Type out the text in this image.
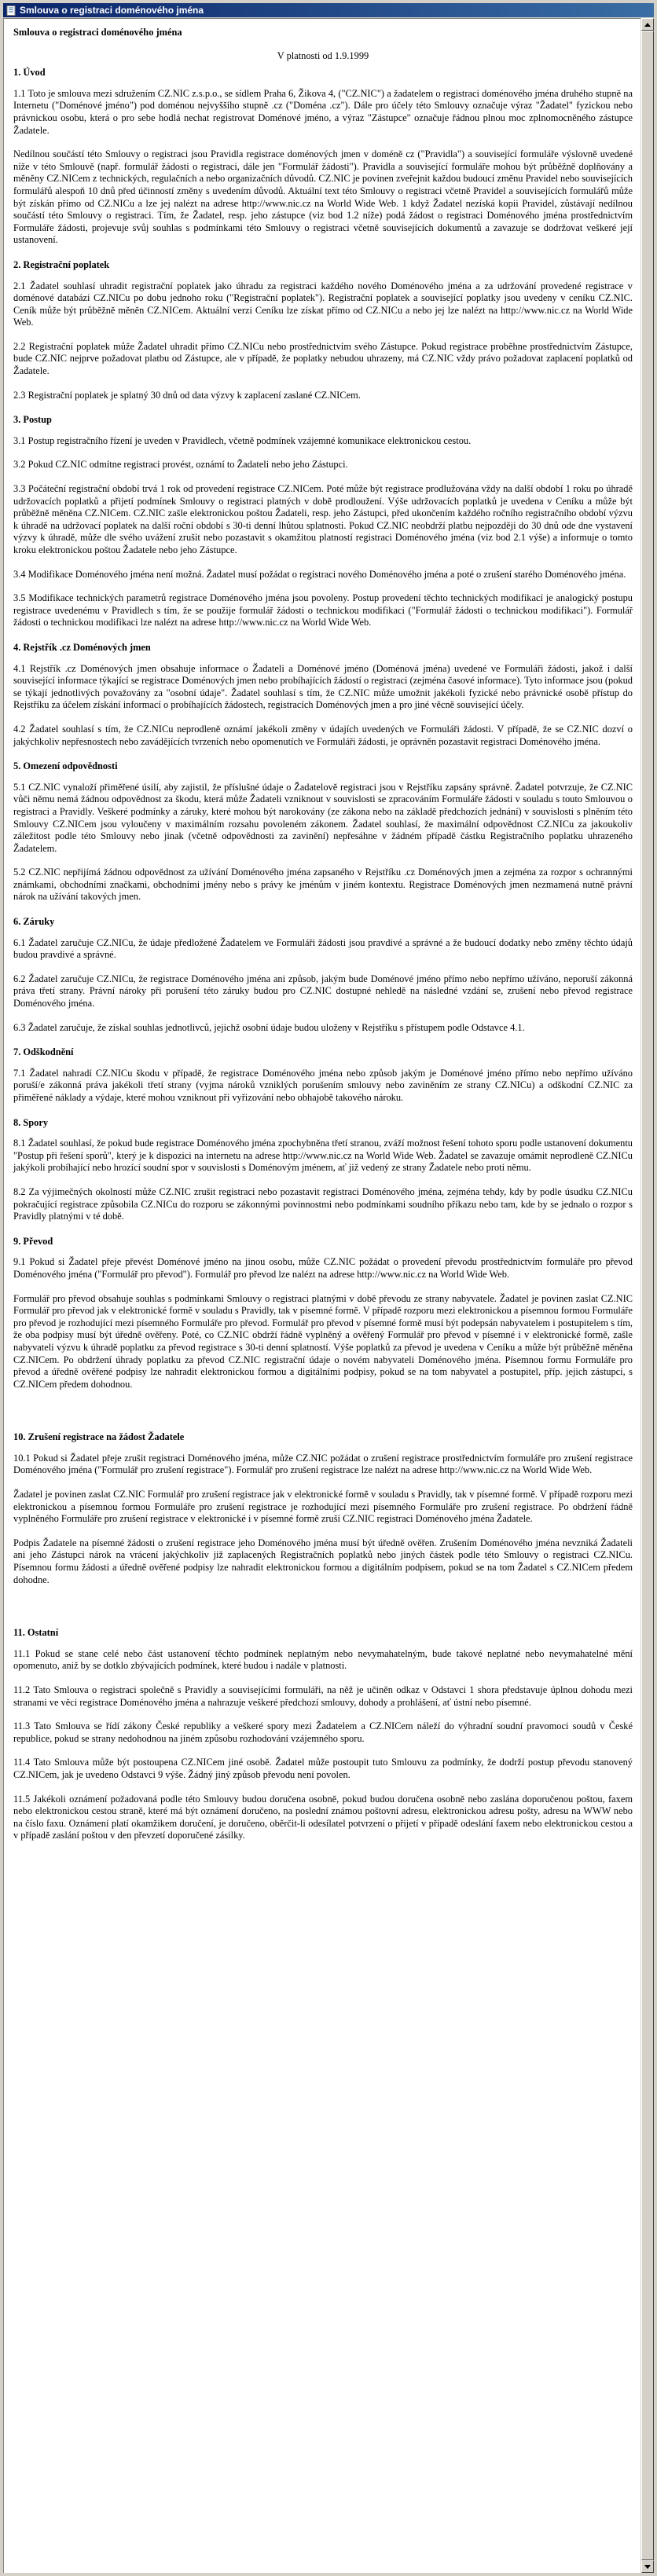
Smlouva o registraci doménového jména
Smlouva o registraci doménového jména
V platnosti od 1.9.1999
1. Úvod
1.1 Toto je smlouva mezi sdružením CZ.NIC z.s.p.o., se sídlem Praha 6, Žikova 4, ("CZ.NIC") a žadatelem o registraci doménového jména druhého stupně na Internetu ("Doménové jméno") pod doménou nejvyššího stupně .cz ("Doména .cz"). Dále pro účely této Smlouvy označuje výraz "Žadatel" fyzickou nebo právnickou osobu, která o pro sebe hodlá nechat registrovat Doménové jméno, a výraz "Zástupce" označuje řádnou plnou moc zplnomocněného zástupce Žadatele.
Nedílnou součástí této Smlouvy o registraci jsou Pravidla registrace doménových jmen v doméně cz ("Pravidla") a související formuláře výslovně uvedené níže v této Smlouvě (např. formulář žádosti o registraci, dále jen "Formulář žádosti"). Pravidla a související formuláře mohou být průběžně doplňovány a měněny CZ.NICem z technických, regulačních a nebo organizačních důvodů. CZ.NIC je povinen zveřejnit každou budoucí změnu Pravidel nebo souvisejících formulářů alespoň 10 dnů před účinností změny s uvedením důvodů. Aktuální text této Smlouvy o registraci včetně Pravidel a souvisejících formulářů může být získán přímo od CZ.NICu a lze jej nalézt na adrese http://www.nic.cz na World Wide Web. 1 když Žadatel nezíská kopii Pravidel, zůstávají nedílnou součástí této Smlouvy o registraci. Tím, že Žadatel, resp. jeho zástupce (viz bod 1.2 níže) podá žádost o registraci Doménového jména prostřednictvím Formuláře žádosti, projevuje svůj souhlas s podmínkami této Smlouvy o registraci včetně souvisejících dokumentů a zavazuje se dodržovat veškeré její ustanovení.
2. Registrační poplatek
2.1 Žadatel souhlasí uhradit registrační poplatek jako úhradu za registraci každého nového Doménového jména a za udržování provedené registrace v doménové databázi CZ.NICu po dobu jednoho roku ("Registrační poplatek"). Registrační poplatek a související poplatky jsou uvedeny v ceníku CZ.NIC. Ceník může být průběžně měněn CZ.NICem. Aktuální verzi Ceníku lze získat přímo od CZ.NICu a nebo jej lze nalézt na http://www.nic.cz na World Wide Web.
2.2 Registrační poplatek může Žadatel uhradit přímo CZ.NICu nebo prostřednictvím svého Zástupce. Pokud registrace proběhne prostřednictvím Zástupce, bude CZ.NIC nejprve požadovat platbu od Zástupce, ale v případě, že poplatky nebudou uhrazeny, má CZ.NIC vždy právo požadovat zaplacení poplatků od Žadatele.
2.3 Registrační poplatek je splatný 30 dnů od data výzvy k zaplacení zaslané CZ.NICem.
3. Postup
3.1 Postup registračního řízení je uveden v Pravidlech, včetně podmínek vzájemné komunikace elektronickou cestou.
3.2 Pokud CZ.NIC odmítne registraci provést, oznámí to Žadateli nebo jeho Zástupci.
3.3 Počáteční registrační období trvá 1 rok od provedení registrace CZ.NICem. Poté může být registrace prodlužována vždy na další období 1 roku po úhradě udržovacích poplatků a přijetí podmínek Smlouvy o registraci platných v době prodloužení. Výše udržovacích poplatků je uvedena v Ceníku a může být průběžně měněna CZ.NICem. CZ.NIC zašle elektronickou poštou Žadateli, resp. jeho Zástupci, před ukončením každého ročního registračního období výzvu k úhradě na udržovací poplatek na další roční období s 30-ti denní lhůtou splatnosti. Pokud CZ.NIC neobdrží platbu nejpozději do 30 dnů ode dne vystavení výzvy k úhradě, může dle svého uvážení zrušit nebo pozastavit s okamžitou platností registraci Doménového jména (viz bod 2.1 výše) a informuje o tomto kroku elektronickou poštou Žadatele nebo jeho Zástupce.
3.4 Modifikace Doménového jména není možná. Žadatel musí požádat o registraci nového Doménového jména a poté o zrušení starého Doménového jména.
3.5 Modifikace technických parametrů registrace Doménového jména jsou povoleny. Postup provedení těchto technických modifikací je analogický postupu registrace uvedenému v Pravidlech s tím, že se použije formulář žádosti o technickou modifikaci ("Formulář žádosti o technickou modifikaci"). Formulář žádosti o technickou modifikaci lze nalézt na adrese http://www.nic.cz na World Wide Web.
4. Rejstřík .cz Doménových jmen
4.1 Rejstřík .cz Doménových jmen obsahuje informace o Žadateli a Doménové jméno (Doménová jména) uvedené ve Formuláři žádosti, jakož i další související informace týkající se registrace Doménových jmen nebo probíhajících žádostí o registraci (zejména časové informace). Tyto informace jsou (pokud se týkají jednotlivých považovány za "osobní údaje". Žadatel souhlasí s tím, že CZ.NIC může umožnit jakékoli fyzické nebo právnické osobě přístup do Rejstříku za účelem získání informací o probíhajících žádostech, registracích Doménových jmen a pro jiné věcně související účely.
4.2 Žadatel souhlasí s tím, že CZ.NICu neprodleně oznámí jakékoli změny v údajích uvedených ve Formuláři žádosti. V případě, že se CZ.NIC dozví o jakýchkoliv nepřesnostech nebo zavádějících tvrzeních nebo opomenutích ve Formuláři žádosti, je oprávněn pozastavit registraci Doménového jména.
5. Omezení odpovědnosti
5.1 CZ.NIC vynaloží přiměřené úsilí, aby zajistil, že příslušné údaje o Žadatelově registraci jsou v Rejstříku zapsány správně. Žadatel potvrzuje, že CZ.NIC vůči němu nemá žádnou odpovědnost za škodu, která může Žadateli vzniknout v souvislosti se zpracováním Formuláře žádosti v souladu s touto Smlouvou o registraci a Pravidly. Veškeré podmínky a záruky, které mohou být narokovány (ze zákona nebo na základě předchozích jednání) v souvislosti s plněním této Smlouvy CZ.NICem jsou vyloučeny v maximálním rozsahu povoleném zákonem. Žadatel souhlasí, že maximální odpovědnost CZ.NICu za jakoukoliv záležitost podle této Smlouvy nebo jinak (včetně odpovědnosti za zavinění) nepřesáhne v žádném případě částku Registračního poplatku uhrazeného Žadatelem.
5.2 CZ.NIC nepřijímá žádnou odpovědnost za užívání Doménového jména zapsaného v Rejstříku .cz Doménových jmen a zejména za rozpor s ochrannými známkami, obchodními značkami, obchodními jmény nebo s právy ke jménům v jiném kontextu. Registrace Doménových jmen nezmamená nutně právní nárok na užívání takových jmen.
6. Záruky
6.1 Žadatel zaručuje CZ.NICu, že údaje předložené Žadatelem ve Formuláři žádosti jsou pravdivé a správné a že budoucí dodatky nebo změny těchto údajů budou pravdivé a správné.
6.2 Žadatel zaručuje CZ.NICu, že registrace Doménového jména ani způsob, jakým bude Doménové jméno přímo nebo nepřímo užíváno, neporuší zákonná práva třetí strany. Právní nároky při porušení této záruky budou pro CZ.NIC dostupné nehledě na následné vzdání se, zrušení nebo převod registrace Doménového jména.
6.3 Žadatel zaručuje, že získal souhlas jednotlivců, jejichž osobní údaje budou uloženy v Rejstříku s přístupem podle Odstavce 4.1.
7. Odškodnění
7.1 Žadatel nahradí CZ.NICu škodu v případě, že registrace Doménového jména nebo způsob jakým je Doménové jméno přímo nebo nepřímo užíváno poruší/e zákonná práva jakékoli třetí strany (vyjma nároků vzniklých porušením smlouvy nebo zaviněním ze strany CZ.NICu) a odškodní CZ.NIC za přiměřené náklady a výdaje, které mohou vzniknout při vyřizování nebo obhajobě takového nároku.
8. Spory
8.1 Žadatel souhlasí, že pokud bude registrace Doménového jména zpochybněna třetí stranou, zváží možnost řešení tohoto sporu podle ustanovení dokumentu "Postup při řešení sporů", který je k dispozici na internetu na adrese http://www.nic.cz na World Wide Web. Žadatel se zavazuje omámit neprodleně CZ.NICu jakýkoli probíhající nebo hrozící soudní spor v souvislosti s Doménovým jménem, ať již vedený ze strany Žadatele nebo proti němu.
8.2 Za výjimečných okolností může CZ.NIC zrušit registraci nebo pozastavit registraci Doménového jména, zejména tehdy, kdy by podle úsudku CZ.NICu pokračující registrace způsobila CZ.NICu do rozporu se zákonnými povinnostmi nebo podmínkami soudního příkazu nebo tam, kde by se jednalo o rozpor s Pravidly platnými v té době.
9. Převod
9.1 Pokud si Žadatel přeje převést Doménové jméno na jinou osobu, může CZ.NIC požádat o provedení převodu prostřednictvím formuláře pro převod Doménového jména ("Formulář pro převod"). Formulář pro převod lze nalézt na adrese http://www.nic.cz na World Wide Web.
Formulář pro převod obsahuje souhlas s podmínkami Smlouvy o registraci platnými v době převodu ze strany nabyvatele. Žadatel je povinen zaslat CZ.NIC Formulář pro převod jak v elektronické formě v souladu s Pravidly, tak v písemné formě. V případě rozporu mezi elektronickou a písemnou formou Formuláře pro převod je rozhodující mezi písemného Formuláře pro převod. Formulář pro převod v písemné formě musí být podepsán nabyvatelem i postupitelem s tím, že oba podpisy musí být úředně ověřeny. Poté, co CZ.NIC obdrží řádně vyplněný a ověřený Formulář pro převod v písemné i v elektronické formě, zašle nabyvateli výzvu k úhradě poplatku za převod registrace s 30-ti denní splatností. Výše poplatků za převod je uvedena v Ceníku a může být průběžně měněna CZ.NICem. Po obdržení úhrady poplatku za převod CZ.NIC registrační údaje o novém nabyvateli Doménového jména. Písemnou formu Formuláře pro převod a úředně ověřené podpisy lze nahradit elektronickou formou a digitálními podpisy, pokud se na tom nabyvatel a postupitel, příp. jejich zástupci, s CZ.NICem předem dohodnou.
10. Zrušení registrace na žádost Žadatele
10.1 Pokud si Žadatel přeje zrušit registraci Doménového jména, může CZ.NIC požádat o zrušení registrace prostřednictvím formuláře pro zrušení registrace Doménového jména ("Formulář pro zrušení registrace"). Formulář pro zrušení registrace lze nalézt na adrese http://www.nic.cz na World Wide Web.
Žadatel je povinen zaslat CZ.NIC Formulář pro zrušení registrace jak v elektronické formě v souladu s Pravidly, tak v písemné formě. V případě rozporu mezi elektronickou a písemnou formou Formuláře pro zrušení registrace je rozhodující mezi písemného Formuláře pro zrušení registrace. Po obdržení řádně vyplněného Formuláře pro zrušení registrace v elektronické i v písemné formě zruší CZ.NIC registraci Doménového jména Žadatele.
Podpis Žadatele na písemné žádosti o zrušení registrace jeho Doménového jména musí být úředně ověřen. Zrušením Doménového jména nevzniká Žadateli ani jeho Zástupci nárok na vrácení jakýchkoliv již zaplacených Registračních poplatků nebo jiných částek podle této Smlouvy o registraci CZ.NICu. Písemnou formu žádosti a úředně ověřené podpisy lze nahradit elektronickou formou a digitálním podpisem, pokud se na tom Žadatel s CZ.NICem předem dohodne.
11. Ostatní
11.1 Pokud se stane celé nebo část ustanovení těchto podmínek neplatným nebo nevymahatelným, bude takové neplatné nebo nevymahatelné mění opomenuto, aniž by se dotklo zbývajících podmínek, které budou i nadále v platnosti.
11.2 Tato Smlouva o registraci společně s Pravidly a souvisejícími formuláři, na něž je učiněn odkaz v Odstavci 1 shora představuje úplnou dohodu mezi stranami ve věci registrace Doménového jména a nahrazuje veškeré předchozí smlouvy, dohody a prohlášení, ať ústní nebo písemné.
11.3 Tato Smlouva se řídí zákony České republiky a veškeré spory mezi Žadatelem a CZ.NICem náleží do výhradní soudní pravomoci soudů v České republice, pokud se strany nedohodnou na jiném způsobu rozhodování vzájemného sporu.
11.4 Tato Smlouva může být postoupena CZ.NICem jiné osobě. Žadatel může postoupit tuto Smlouvu za podmínky, že dodrží postup převodu stanovený CZ.NICem, jak je uvedeno Odstavci 9 výše. Žádný jiný způsob převodu není povolen.
11.5 Jakékoli oznámení požadovaná podle této Smlouvy budou doručena osobně, pokud budou doručena osobně nebo zaslána doporučenou poštou, faxem nebo elektronickou cestou straně, které má být oznámení doručeno, na poslední známou poštovní adresu, elektronickou adresu pošty, adresu na WWW nebo na číslo faxu. Oznámení platí okamžikem doručení, je doručeno, oběrčit-li odesílatel potvrzení o přijetí v případě odeslání faxem nebo elektronickou cestou a v případě zaslání poštou v den převzetí doporučené zásilky.
